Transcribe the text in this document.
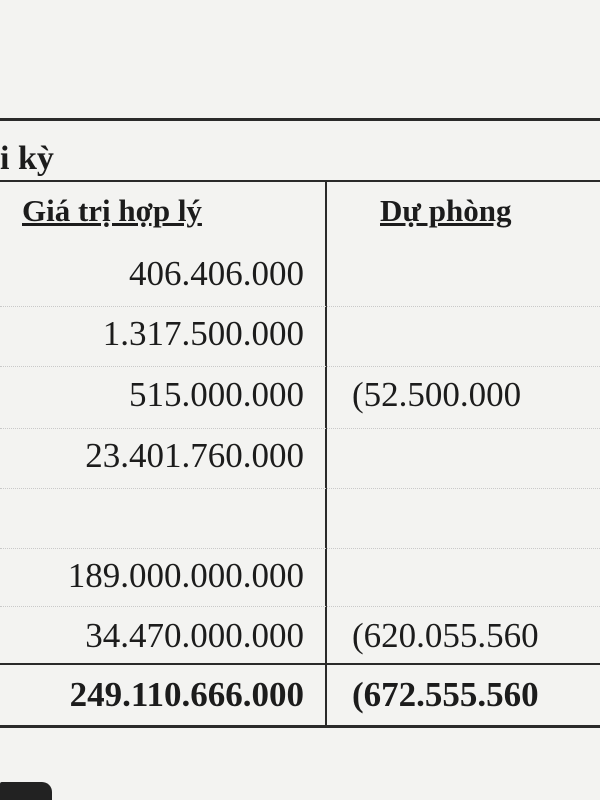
i kỳ
Giá trị hợp lý	Dự phòng
406.406.000
1.317.500.000
515.000.000
23.401.760.000
189.000.000.000
34.470.000.000
(52.500.000
(620.055.560
249.110.666.000 (672.555.560
